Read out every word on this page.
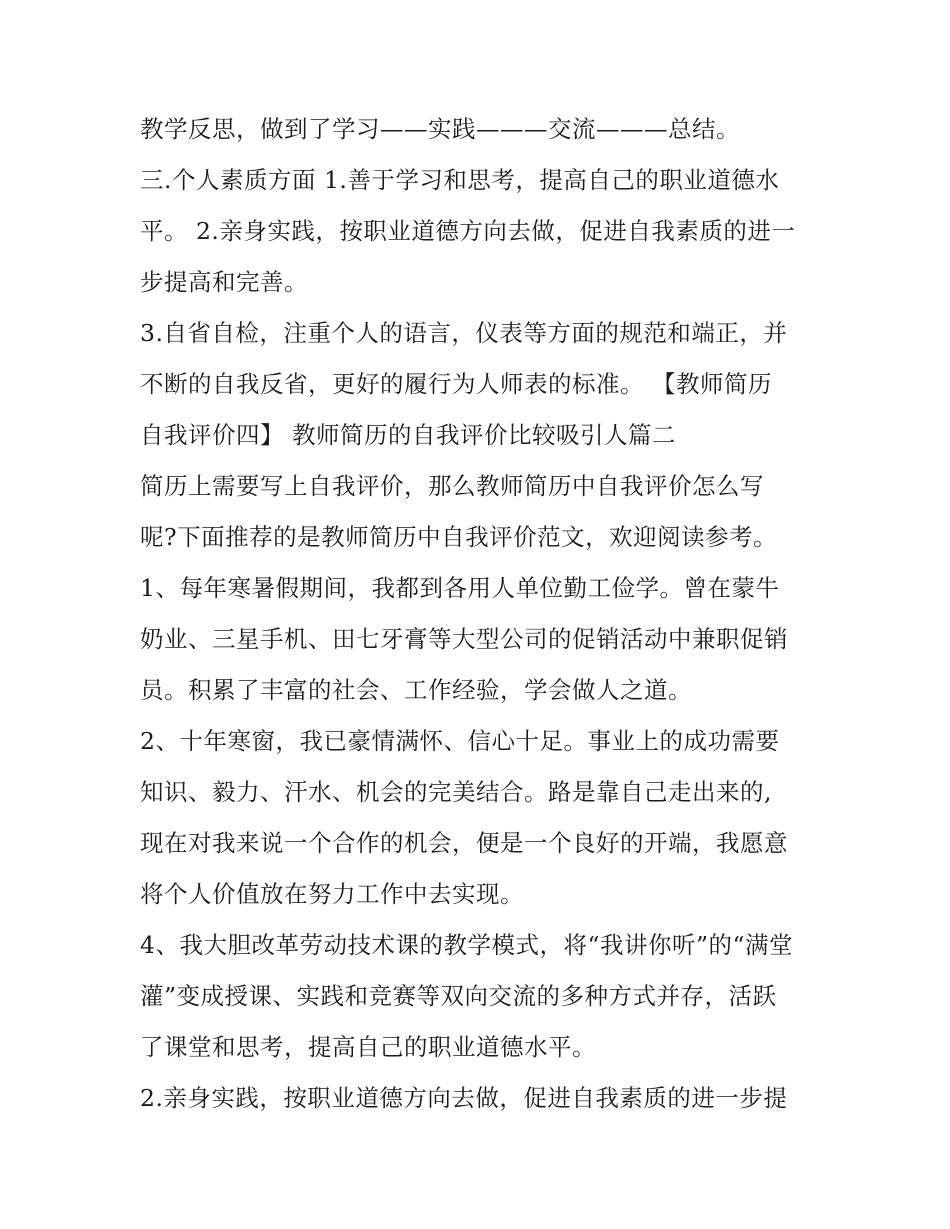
教学反思，做到了学习——实践———交流———总结。
三.个人素质方面 1.善于学习和思考，提高自己的职业道德水
平。 2.亲身实践，按职业道德方向去做，促进自我素质的进一
步提高和完善。
3.自省自检，注重个人的语言，仪表等方面的规范和端正，并
不断的自我反省，更好的履行为人师表的标准。 【教师简历
自我评价四】 教师简历的自我评价比较吸引人篇二
简历上需要写上自我评价，那么教师简历中自我评价怎么写
呢?下面推荐的是教师简历中自我评价范文，欢迎阅读参考。
1、每年寒暑假期间，我都到各用人单位勤工俭学。曾在蒙牛
奶业、三星手机、田七牙膏等大型公司的促销活动中兼职促销
员。积累了丰富的社会、工作经验，学会做人之道。
2、十年寒窗，我已豪情满怀、信心十足。事业上的成功需要
知识、毅力、汗水、机会的完美结合。路是靠自己走出来的,
现在对我来说一个合作的机会，便是一个良好的开端，我愿意
将个人价值放在努力工作中去实现。
4、我大胆改革劳动技术课的教学模式，将“我讲你听”的“满堂
灌”变成授课、实践和竞赛等双向交流的多种方式并存，活跃
了课堂和思考，提高自己的职业道德水平。
2.亲身实践，按职业道德方向去做，促进自我素质的进一步提
